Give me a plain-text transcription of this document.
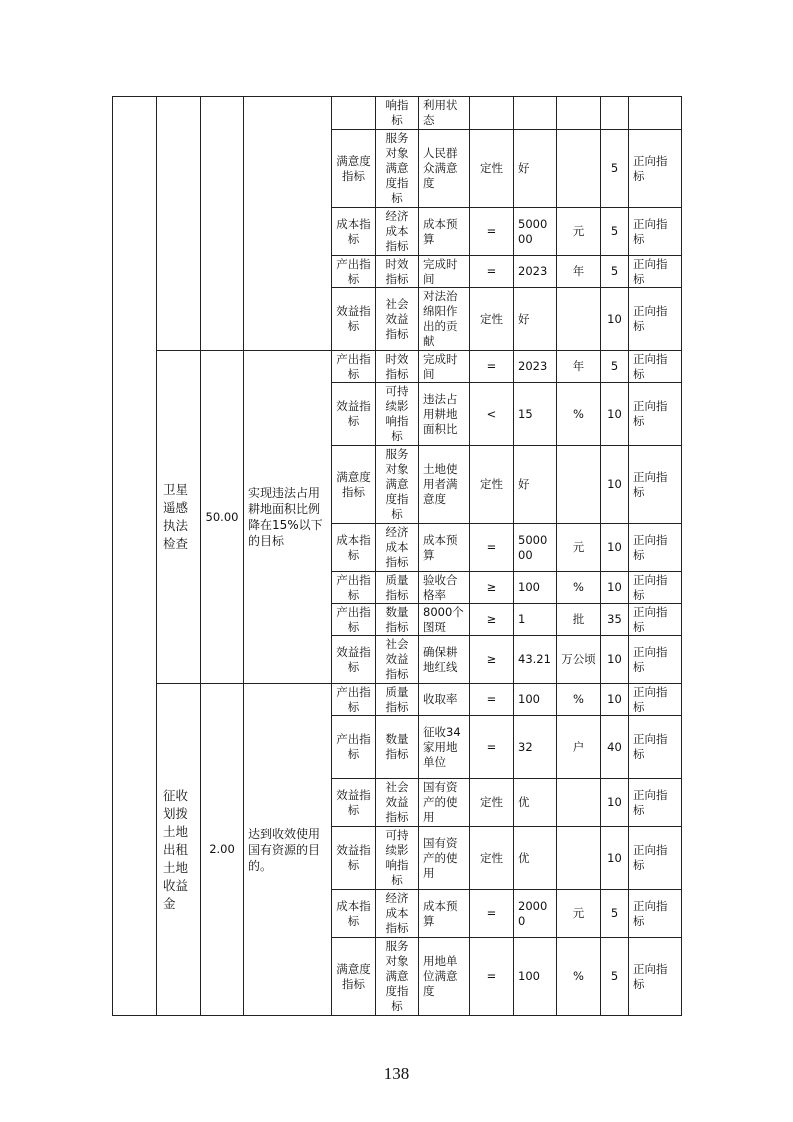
					响指标	利用状态					
				满意度指标	服务对象满意度指标	人民群众满意度	定性	好		5	正向指标
				成本指标	经济成本指标	成本预算	=	500000	元	5	正向指标
				产出指标	时效指标	完成时间	=	2023	年	5	正向指标
				效益指标	社会效益指标	对法治绵阳作出的贡献	定性	好		10	正向指标
	卫星遥感执法检查	50.00	实现违法占用耕地面积比例降在15%以下的目标	产出指标	时效指标	完成时间	=	2023	年	5	正向指标
				效益指标	可持续影响指标	违法占用耕地面积比	<	15	%	10	正向指标
				满意度指标	服务对象满意度指标	土地使用者满意度	定性	好		10	正向指标
				成本指标	经济成本指标	成本预算	=	500000	元	10	正向指标
				产出指标	质量指标	验收合格率	≥	100	%	10	正向指标
				产出指标	数量指标	8000个图斑	≥	1	批	35	正向指标
				效益指标	社会效益指标	确保耕地红线	≥	43.21	万公顷	10	正向指标
	征收划拨土地出租土地收益金	2.00	达到收效使用国有资源的目的。	产出指标	质量指标	收取率	=	100	%	10	正向指标
				产出指标	数量指标	征收34家用地单位	=	32	户	40	正向指标
				效益指标	社会效益指标	国有资产的使用	定性	优		10	正向指标
				效益指标	可持续影响指标	国有资产的使用	定性	优		10	正向指标
				成本指标	经济成本指标	成本预算	=	20000	元	5	正向指标
				满意度指标	服务对象满意度指标	用地单位满意度	=	100	%	5	正向指标
138
